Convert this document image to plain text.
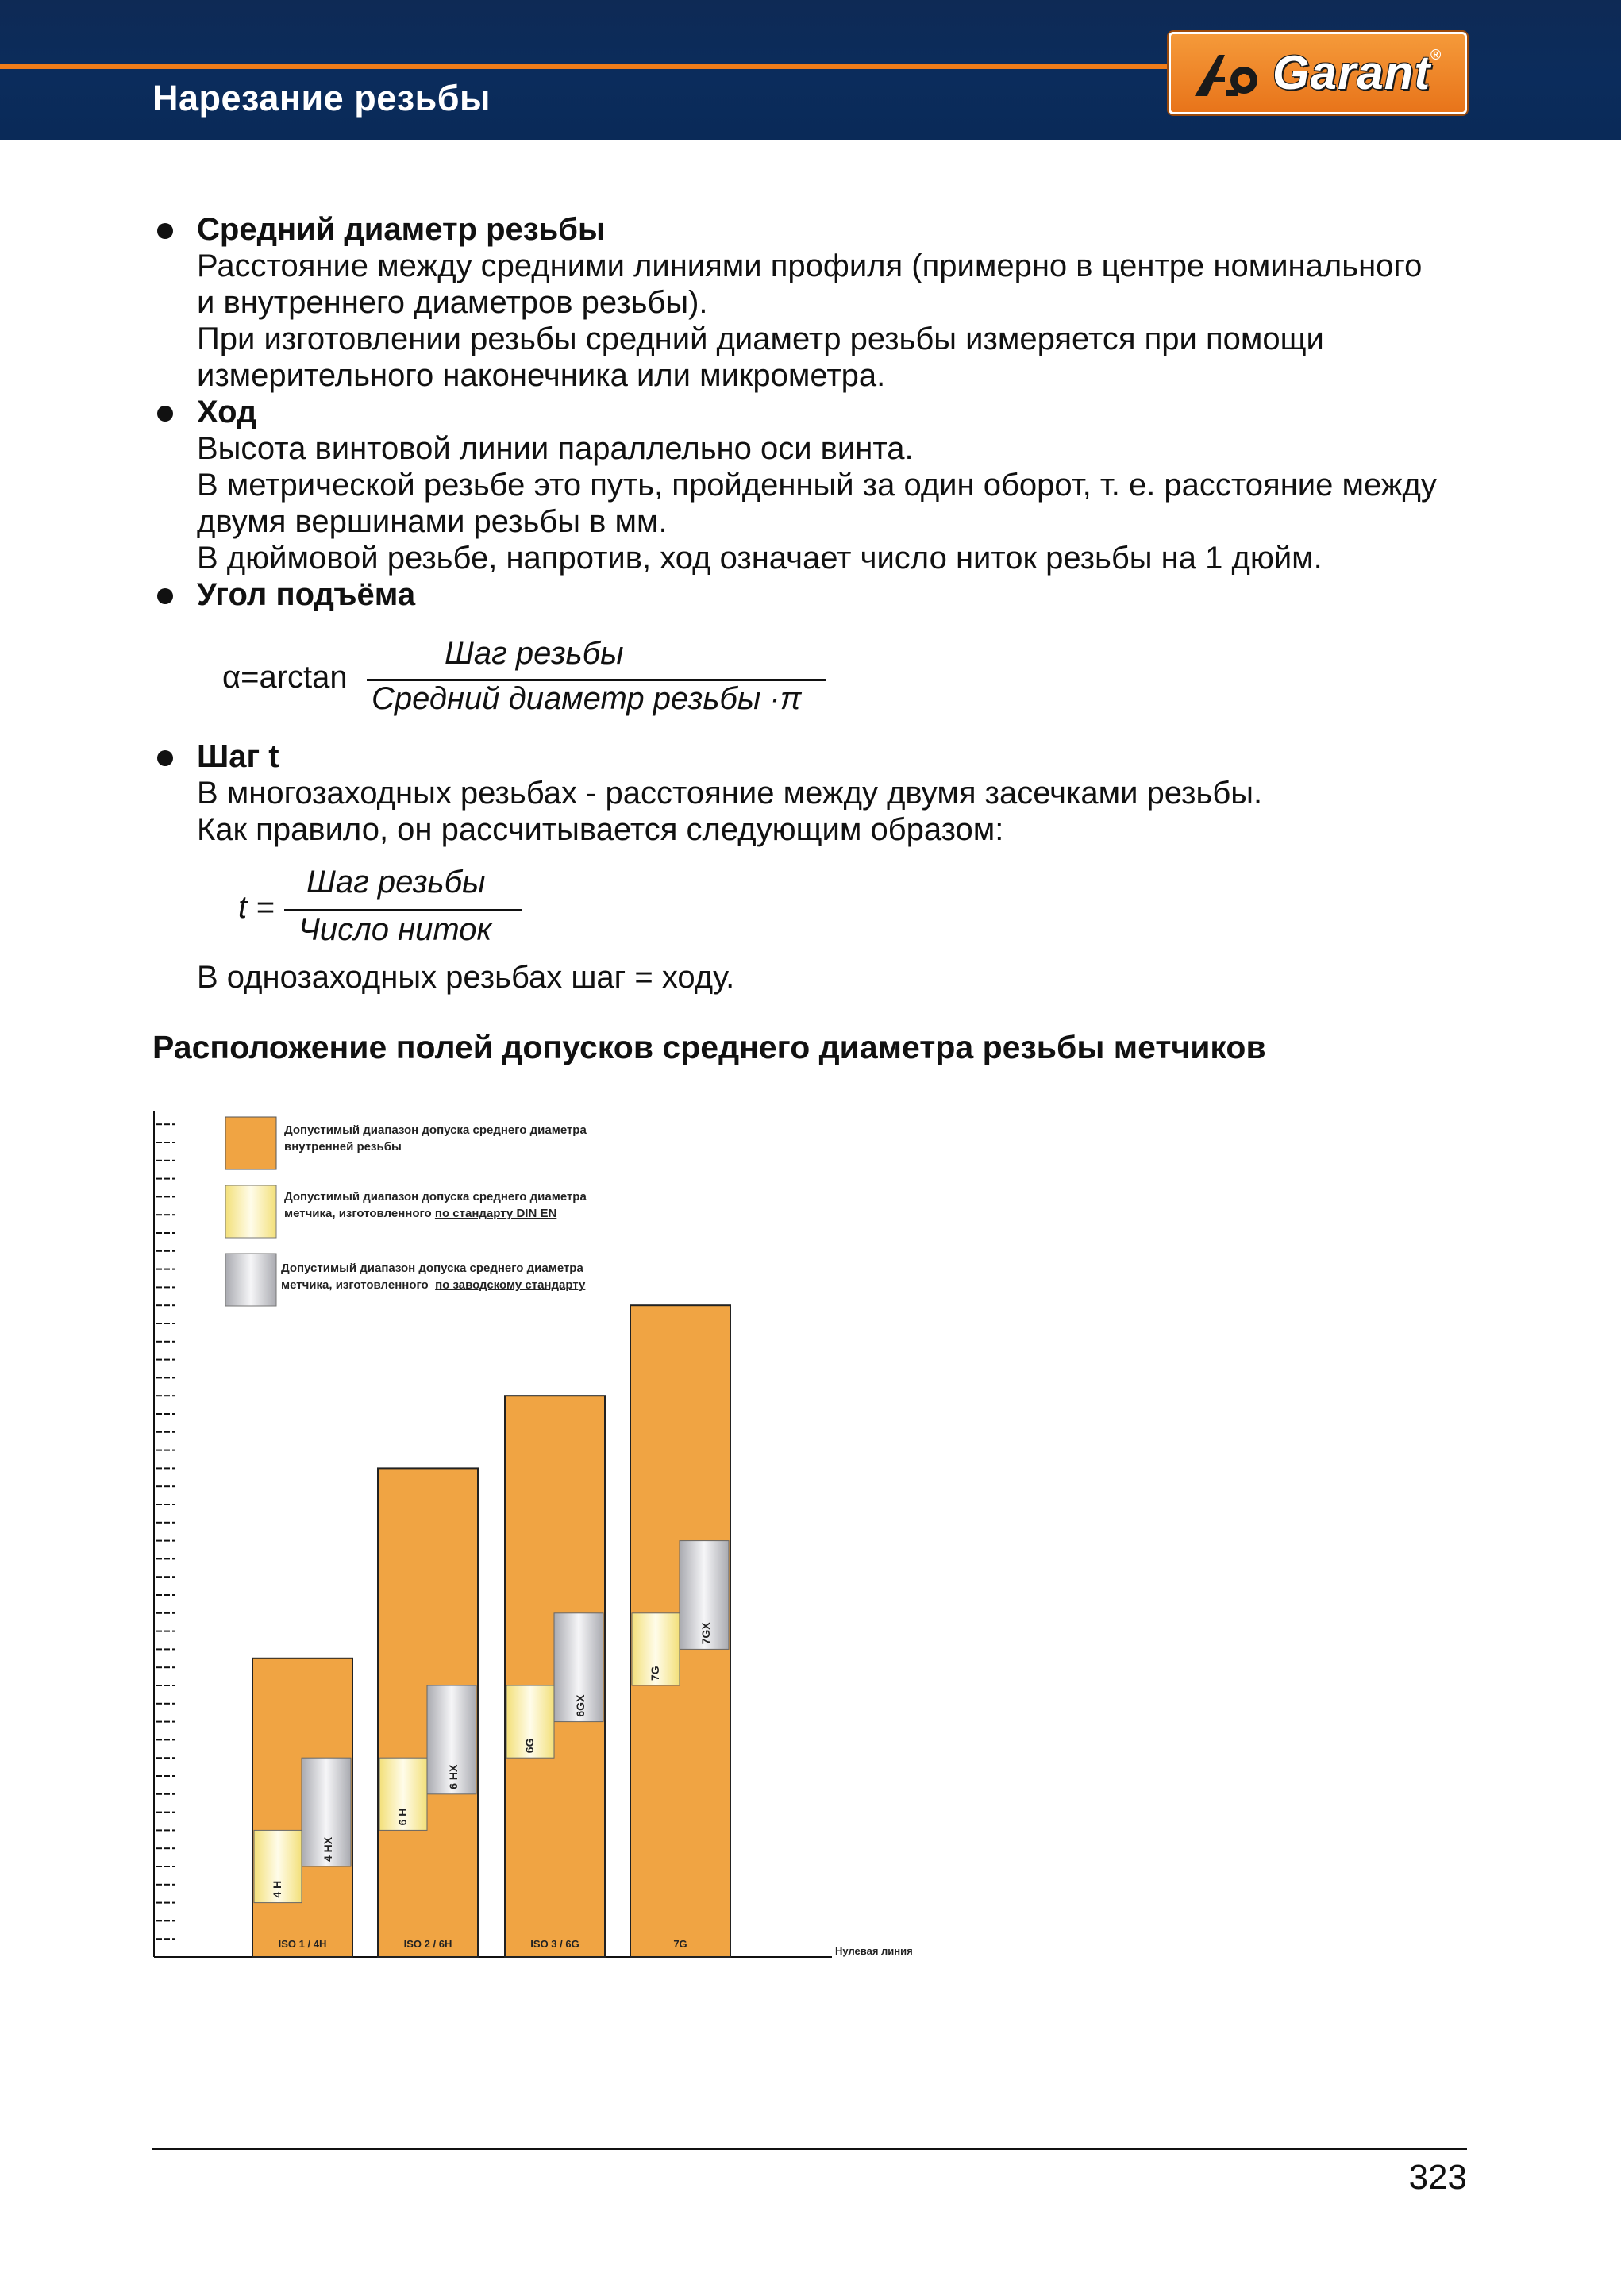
Нарезание резьбы	Garant ®
Средний диаметр резьбы
Расстояние между средними линиями профиля (примерно в центре номинального
и внутреннего диаметров резьбы).
При изготовлении резьбы средний диаметр резьбы измеряется при помощи
измерительного наконечника или микрометра.
Ход
Высота винтовой линии параллельно оси винта.
В метрической резьбе это путь, пройденный за один оборот, т. е. расстояние между
двумя вершинами резьбы в мм.
В дюймовой резьбе, напротив, ход означает число ниток резьбы на 1 дюйм.
Угол подъёма
α=arctan
Шаг резьбы
Средний диаметр резьбы ·π
Шаг t
В многозаходных резьбах - расстояние между двумя засечками резьбы.
Как правило, он рассчитывается следующим образом:
t =
Шаг резьбы
Число ниток
В однозаходных резьбах шаг = ходу.
Расположение полей допусков среднего диаметра резьбы метчиков
Допустимый диапазон допуска среднего диаметра
внутренней резьбы
Допустимый диапазон допуска среднего диаметра
метчика, изготовленного по стандарту DIN EN
Допустимый диапазон допуска среднего диаметра
метчика, изготовленного по заводскому стандарту
Нулевая линия
4 H
4 HX
ISO 1 / 4H
6 H
6 HX
ISO 2 / 6H
6G
6GX
ISO 3 / 6G
7G
7GX
7G
323
